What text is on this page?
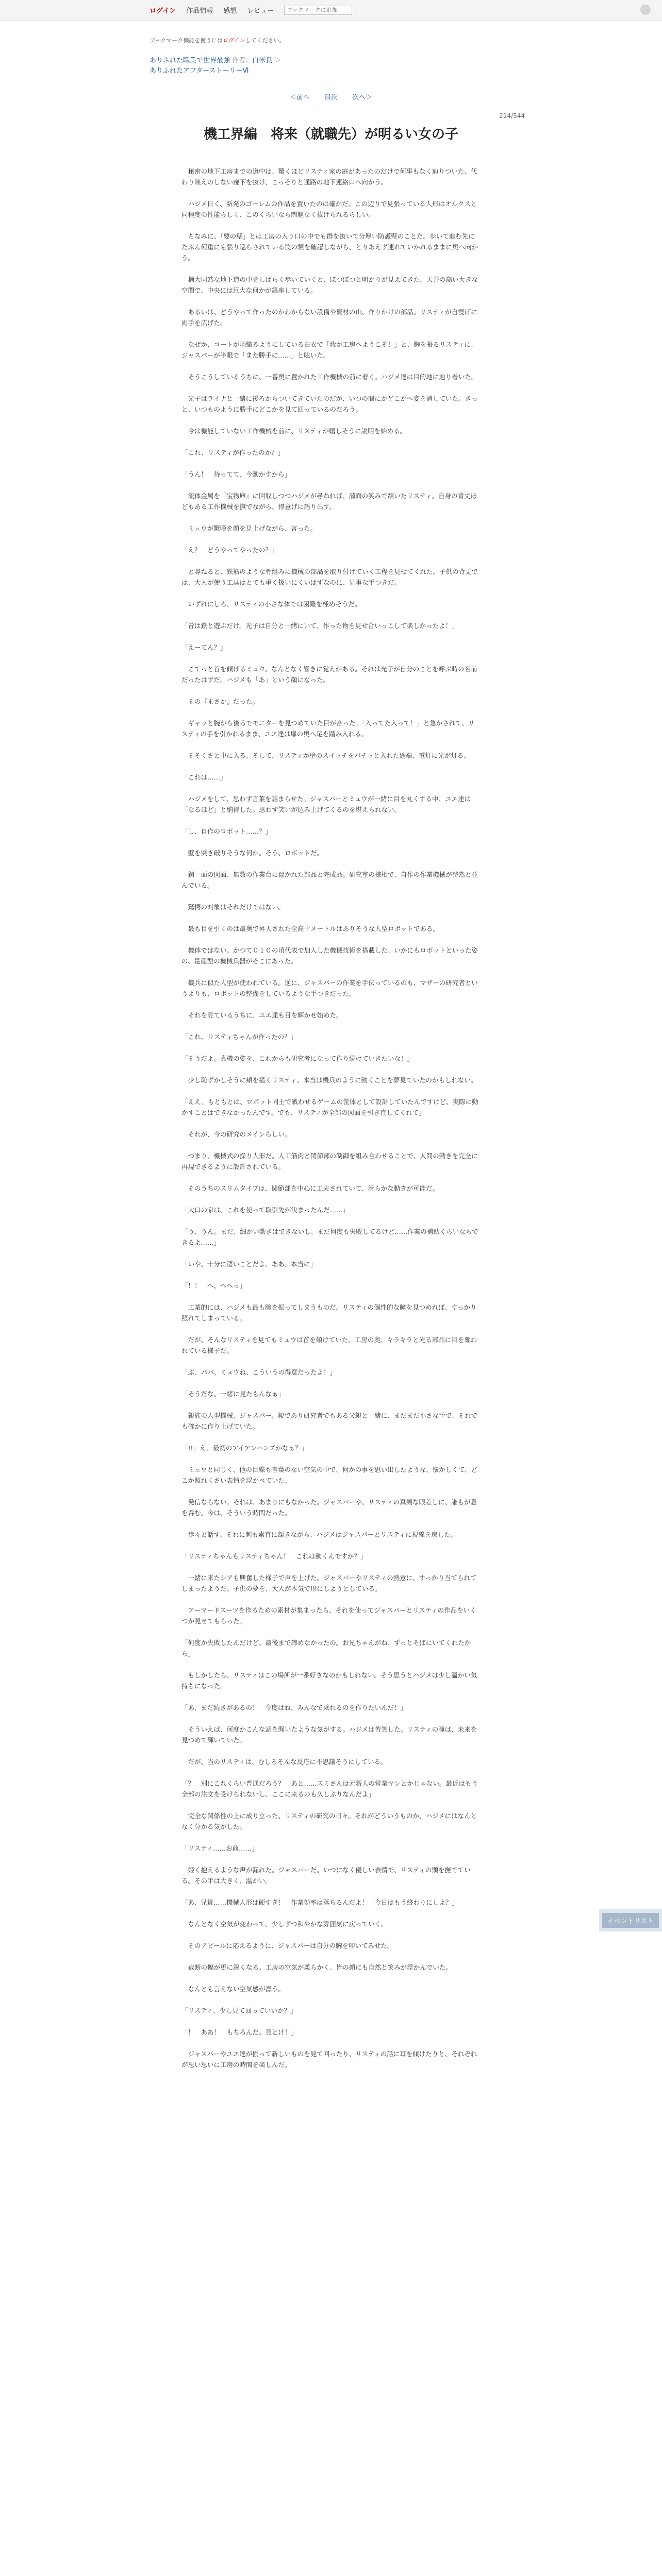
ログイン 作品情報 感想 レビュー
ブックマークに追加
ブックマーク機能を使うにはログインしてください。
ありふれた職業で世界最強 作者：白米良 ＞
ありふれたアフターストーリーⅥ
＜前へ 目次 次へ＞
214/544
機工界編　将来（就職先）が明るい女の子

　秘密の地下工房までの道中は、驚くほどリスティ家の庭があったのだけで何事もなく辿りついた。代わり映えのしない廊下を抜け、こっそりと通路の地下連絡口へ向かう。

　ハジメ日く、新発のゴーレムの作品を置いたのは確かだ。この辺りで見張っている人形はオルクスと同程度の性能らしく、このくらいなら問題なく抜けられるらしい。

　ちなみに、「要の壁」とは工房の入り口の中でも群を抜いて分厚い防護壁のことだ。歩いて進む先にたぶん何重にも張り巡らされている罠の類を確認しながら、とりあえず連れていかれるままに奥へ向かう。

　楠大同然な地下道の中をしばらく歩いていくと、ぽつぽつと明かりが見えてきた。天井の高い大きな空間で、中央には巨大な何かが鎮座している。

　あるいは、どうやって作ったのかわからない設備や資材の山、作りかけの部品。リスティが自慢げに両手を広げた。

　なぜか、コートが羽織るようにしている白衣で「我が工房へようこそ！」と、胸を張るリスティに、ジャスパーが半眼で「また勝手に……」と呟いた。

　そうこうしているうちに、一番奥に置かれた工作機械の前に着く。ハジメ達は目的地に辿り着いた。

　光子はライナと一緒に後ろからついてきていたのだが、いつの間にかどこかへ姿を消していた。きっと、いつものように勝手にどこかを見て回っているのだろう。

　今は機能していない工作機械を前に、リスティが嬉しそうに説明を始める。

「これ、リスティが作ったのか？」

「うん！　待ってて、今動かすから」

　流体金属を『宝物庫』に回収しつつハジメが尋ねれば、満面の笑みで頷いたリスティ。自身の背丈ほどもある工作機械を撫でながら、得意げに語り出す。

　ミュウが驚嘆を顔を見上げながら、言った。

「え？　どうやってやったの？」

　と尋ねると、鉄筋のような骨組みに機械の部品を取り付けていく工程を見せてくれた。子供の背丈では、大人が使う工具はとても重く扱いにくいはずなのに、見事な手つきだ。

　いずれにしろ、リスティの小さな体では困難を極めそうだ。

「昔は鉄と遊ぶだけ。光子は自分と一緒にいて、作った物を見せ合いっこして楽しかったよ！」

「えーてん？」

　こてっと首を傾げるミュウ。なんとなく響きに覚えがある。それは光子が自分のことを呼ぶ時の名前だったはずだ。ハジメも「あ」という顔になった。

　その『まさか』だった。

　ギャッと腕から後ろでモニターを見つめていた目が合った。「入ってた入って！」と急かされて、リスティの手を引かれるまま、ユエ達は扉の奥へ足を踏み入れる。

　そそくさと中に入る。そして、リスティが壁のスイッチをパチッと入れた途端、電灯に光が灯る。

「これは……」

　ハジメをして、思わず言葉を詰まらせた。ジャスパーとミュウが一緒に目を丸くする中、ユエ達は「なるほど」と納得した。思わず笑いが込み上げてくるのを堪えられない。

「し、自作のロボット……？」

　壁を突き破りそうな何か。そう、ロボットだ。

　鋼一面の図面、無数の作業台に置かれた部品と完成品。研究室の様相で、自作の作業機械が整然と並んでいる。

　驚愕の対象はそれだけではない。

　最も目を引くのは最奥で昇天された全高十メートルはありそうな人型ロボットである。

　機体ではない。かつて０１０の頃代表で加入した機械技術を搭載した、いかにもロボットといった姿の、量産型の機械兵器がそこにあった。

　機兵に似た人型が使われている。逆に、ジャスパーの作業を手伝っているのも、マザーの研究者というよりも、ロボットの整備をしているような手つきだった。

　それを見ているうちに、ユエ達も目を輝かせ始めた。

「これ、リスティちゃんが作ったの？」

「そうだよ。真機の姿を、これからも研究者になって作り続けていきたいな！」

　少し恥ずかしそうに頬を掻くリスティ。本当は機兵のように動くことを夢見ていたのかもしれない。

「ええ。もともとは、ロボット同士で戦わせるゲームの筐体として設計していたんですけど、実際に動かすことはできなかったんです。でも、リスティが全部の図面を引き直してくれて」

　それが、今の研究のメインらしい。

　つまり、機械式の操り人形だ。人工筋肉と関節部の制御を組み合わせることで、人間の動きを完全に再現できるように設計されている。

　そのうちのスリムタイプは、関節部を中心に工夫されていて、滑らかな動きが可能だ。

「大口の家は、これを使って取引先が決まったんだ……」

「う、うん。まだ、細かい動きはできないし、まだ何度も失敗してるけど……作業の補助くらいならできるよ……」

「いや、十分に凄いことだよ。ああ、本当に」

「！！　へ、へへっ」

　工業的には、ハジメも最も腕を振ってしまうものだ。リスティの個性的な瞳を見つめれば、すっかり照れてしまっている。

　だが、そんなリスティを見てもミュウは首を傾けていた。工房の奥、キラキラと光る部品に目を奪われている様子だ。

「ぶ、パパ。ミュウね、こういうの得意だったよ！」

「そうだな。一緒に見たもんなぁ」

　親族の人型機械、ジャスパー。親であり研究者でもある父親と一緒に、まだまだ小さな手で、それでも確かに作り上げていた。

「!!」え、最初のアイアンハンズかなぁ？」

　ミュウと同じく、他の目線も言葉のない空気の中で、何かの事を思い出したような、懐かしくて、どこか照れくさい表情を浮かべていた。

　発信ならない。それは、あまりにもなかった。ジャスパーや、リスティの真剣な眼差しに、誰もが息を呑む。今は、そういう時間だった。

　歩々と話す。それに刺も素直に頷きながら、ハジメはジャスパーとリスティに視線を戻した。

「リスティちゃんもリスティちゃん！　これは動くんですか？」

　一緒に来たシアも興奮した様子で声を上げた。ジャスパーやリスティの熱意に、すっかり当てられてしまったようだ。子供の夢を、大人が本気で形にしようとしている。

　アーマードスーツを作るための素材が集まったら、それを使ってジャスパーとリスティの作品をいくつか見せてもらった。

「何度か失敗したんだけど、最後まで諦めなかったの。お兄ちゃんがね、ずっとそばにいてくれたから」

　もしかしたら、リスティはこの場所が一番好きなのかもしれない。そう思うとハジメは少し温かい気持ちになった。

「あ、まだ続きがあるの！　今度はね、みんなで乗れるのを作りたいんだ！」

　そういえば、何度かこんな話を聞いたような気がする。ハジメは苦笑した。リスティの瞳は、未来を見つめて輝いていた。

　だが、当のリスティは、むしろそんな反応に不思議そうにしている。

「？　別にこれくらい普通だろう？　あと……スミさんは元新人の営業マンとかじゃない。最近はもう全部の注文を受けられないし、ここに来るのも久しぶりなんだよ」

　完全な関係性の上に成り立った、リスティの研究の日々。それがどういうものか、ハジメにはなんとなく分かる気がした。

「リスティ……お前……」

　姫く抱えるような声が漏れた。ジャスパーだ。いつになく優しい表情で、リスティの頭を撫でている。その手は大きく、温かい。

「あ、兄貴……機械人形は硬すぎ！　作業効率は落ちるんだよ！　今日はもう終わりにしよ？」

　なんとなく空気が変わって、少しずつ和やかな雰囲気に戻っていく。

　そのアピールに応えるように、ジャスパーは自分の胸を叩いてみせた。

　裁断の幅が更に深くなる。工房の空気が柔らかく、皆の顔にも自然と笑みが浮かんでいた。

　なんとも言えない空気感が漂う。

「リスティ、少し見て回っていいか？」

「！　ああ！　もちろんだ。見とけ！」

　ジャスパーやユエ達が揃って新しいものを見て回ったり、リスティの話に耳を傾けたりと、それぞれが思い思いに工房の時間を楽しんだ。

イベントリスト
